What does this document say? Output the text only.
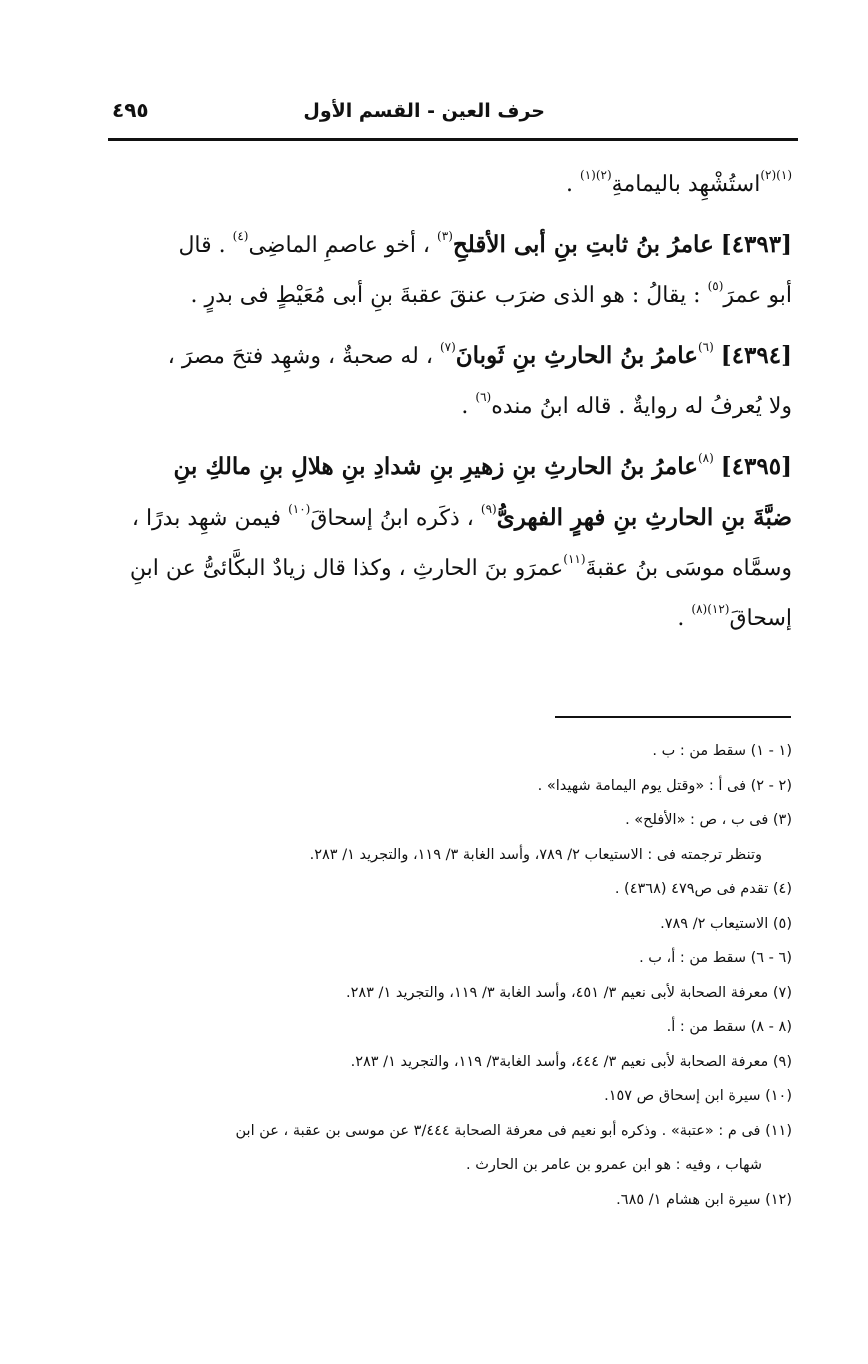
حرف العين - القسم الأول
٤٩٥
$^{(١)(٢)}$استُشْهِد باليمامةِ$^{(٢)(١)}$ .
[٤٣٩٣] عامرُ بنُ ثابتِ بنِ أبى الأقلحِ$^{(٣)}$ ، أخو عاصمِ الماضِى$^{(٤)}$ . قال
أبو عمرَ$^{(٥)}$ : يقالُ : هو الذى ضرَب عنقَ عقبةَ بنِ أبى مُعَيْطٍ فى بدرٍ .
[٤٣٩٤] $^{(٦)}$عامرُ بنُ الحارثِ بنِ ثَوبانَ$^{(٧)}$ ، له صحبةٌ ، وشهِد فتحَ مصرَ ،
ولا يُعرفُ له روايةٌ . قاله ابنُ منده$^{(٦)}$ .
[٤٣٩٥] $^{(٨)}$عامرُ بنُ الحارثِ بنِ زهيرِ بنِ شدادِ بنِ هلالِ بنِ مالكِ بنِ
ضبَّةَ بنِ الحارثِ بنِ فهرٍ الفهرىُّ$^{(٩)}$ ، ذكَره ابنُ إسحاقَ$^{(١٠)}$ فيمن شهِد بدرًا ،
وسمَّاه موسَى بنُ عقبةَ$^{(١١)}$عمرَو بنَ الحارثِ ، وكذا قال زيادٌ البكَّائىُّ عن ابنِ
إسحاقَ$^{(١٢)(٨)}$ .
(١ - ١) سقط من : ب .
(٢ - ٢) فى أ : «وقتل يوم اليمامة شهيدا» .
(٣) فى ب ، ص : «الأفلح» .
وتنظر ترجمته فى : الاستيعاب ٢/ ٧٨٩، وأسد الغابة ٣/ ١١٩، والتجريد ١/ ٢٨٣.
(٤) تقدم فى ص٤٧٩ (٤٣٦٨) .
(٥) الاستيعاب ٢/ ٧٨٩.
(٦ - ٦) سقط من : أ، ب .
(٧) معرفة الصحابة لأبى نعيم ٣/ ٤٥١، وأسد الغابة ٣/ ١١٩، والتجريد ١/ ٢٨٣.
(٨ - ٨) سقط من : أ.
(٩) معرفة الصحابة لأبى نعيم ٣/ ٤٤٤، وأسد الغابة٣/ ١١٩، والتجريد ١/ ٢٨٣.
(١٠) سيرة ابن إسحاق ص ١٥٧.
(١١) فى م : «عتبة» . وذكره أبو نعيم فى معرفة الصحابة ٣/٤٤٤ عن موسى بن عقبة ، عن ابن
شهاب ، وفيه : هو ابن عمرو بن عامر بن الحارث .
(١٢) سيرة ابن هشام ١/ ٦٨٥.
